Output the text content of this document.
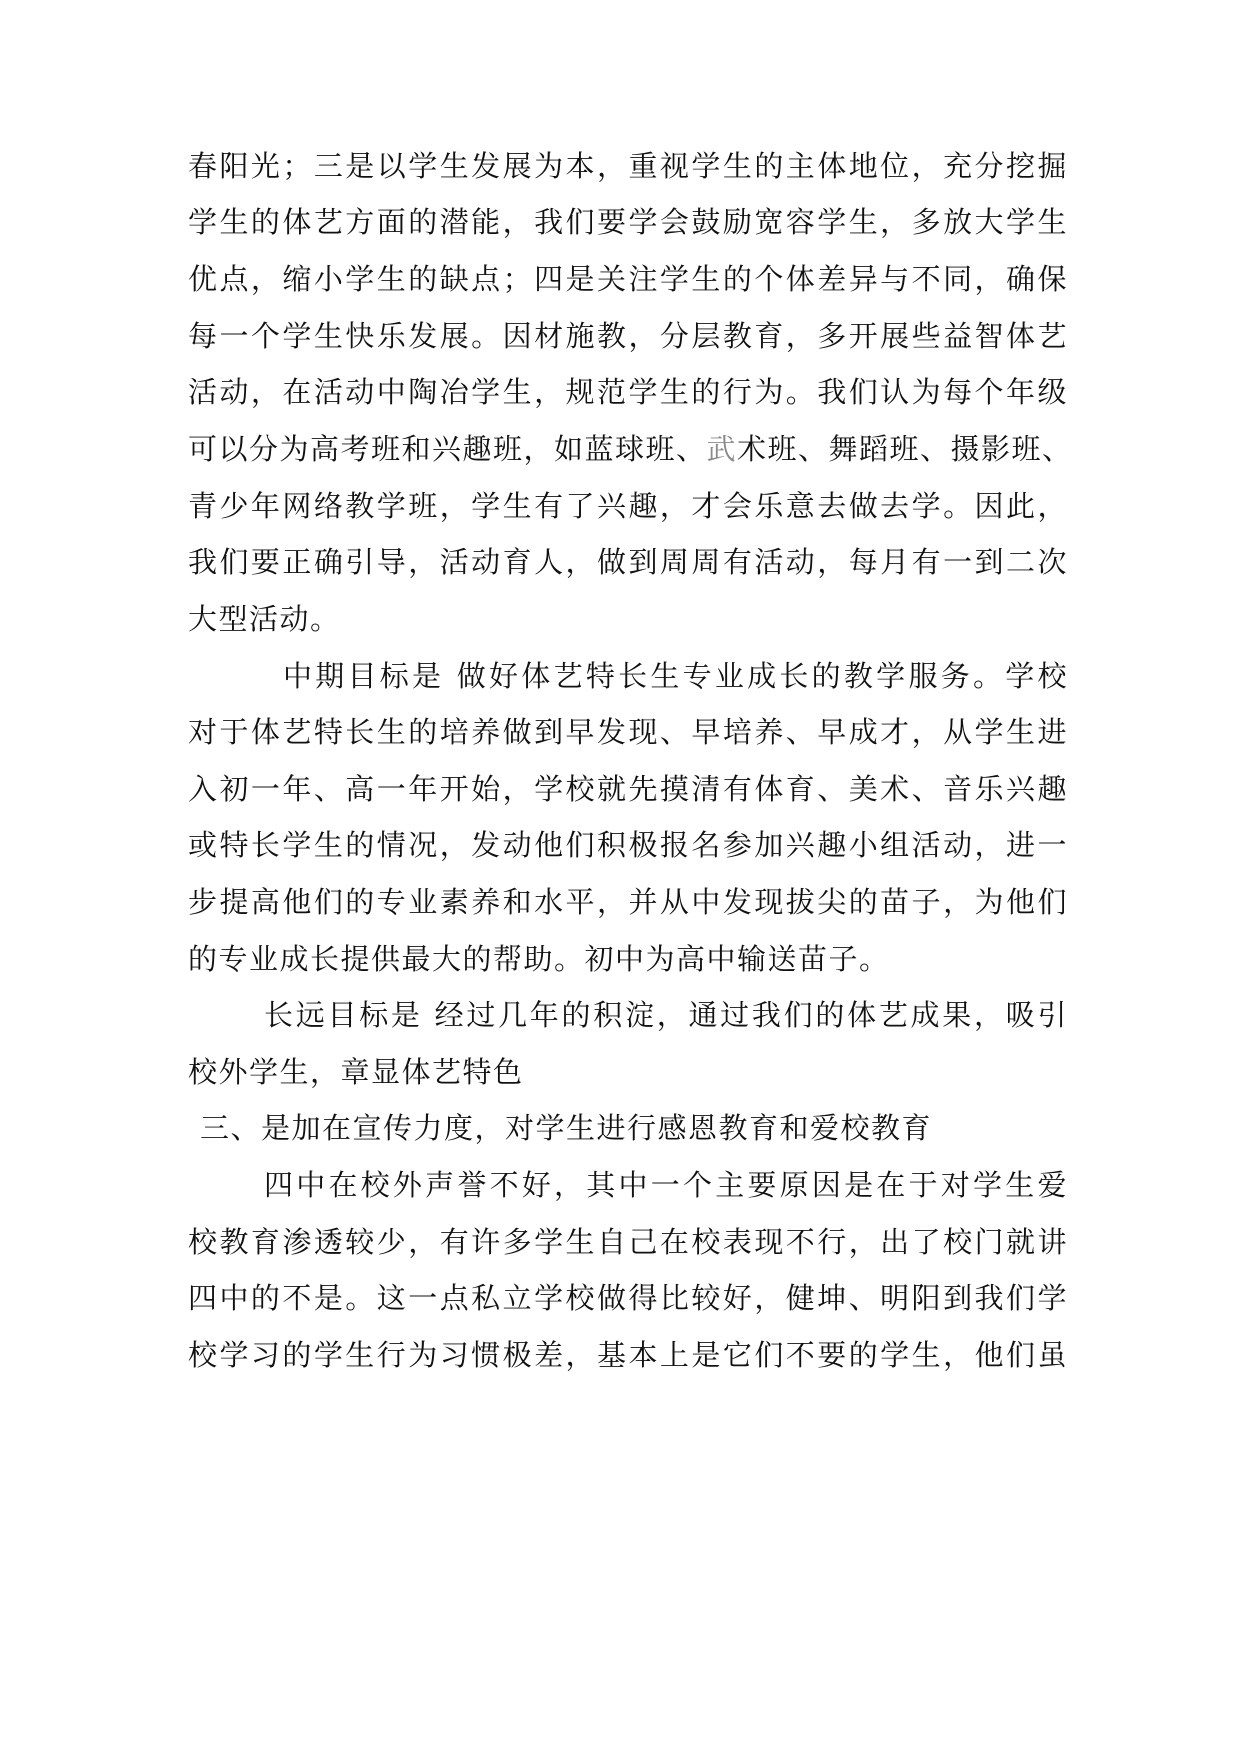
春阳光；三是以学生发展为本，重视学生的主体地位，充分挖掘
学生的体艺方面的潜能，我们要学会鼓励宽容学生，多放大学生
优点，缩小学生的缺点；四是关注学生的个体差异与不同，确保
每一个学生快乐发展。因材施教，分层教育，多开展些益智体艺
活动，在活动中陶冶学生，规范学生的行为。我们认为每个年级
可以分为高考班和兴趣班，如蓝球班、武术班、舞蹈班、摄影班、
青少年网络教学班，学生有了兴趣，才会乐意去做去学。因此，
我们要正确引导，活动育人，做到周周有活动，每月有一到二次
大型活动。
中期目标是 做好体艺特长生专业成长的教学服务。学校
对于体艺特长生的培养做到早发现、早培养、早成才，从学生进
入初一年、高一年开始，学校就先摸清有体育、美术、音乐兴趣
或特长学生的情况，发动他们积极报名参加兴趣小组活动，进一
步提高他们的专业素养和水平，并从中发现拔尖的苗子，为他们
的专业成长提供最大的帮助。初中为高中输送苗子。
长远目标是 经过几年的积淀，通过我们的体艺成果，吸引
校外学生，章显体艺特色
三、是加在宣传力度，对学生进行感恩教育和爱校教育
四中在校外声誉不好，其中一个主要原因是在于对学生爱
校教育渗透较少，有许多学生自己在校表现不行，出了校门就讲
四中的不是。这一点私立学校做得比较好，健坤、明阳到我们学
校学习的学生行为习惯极差，基本上是它们不要的学生，他们虽
